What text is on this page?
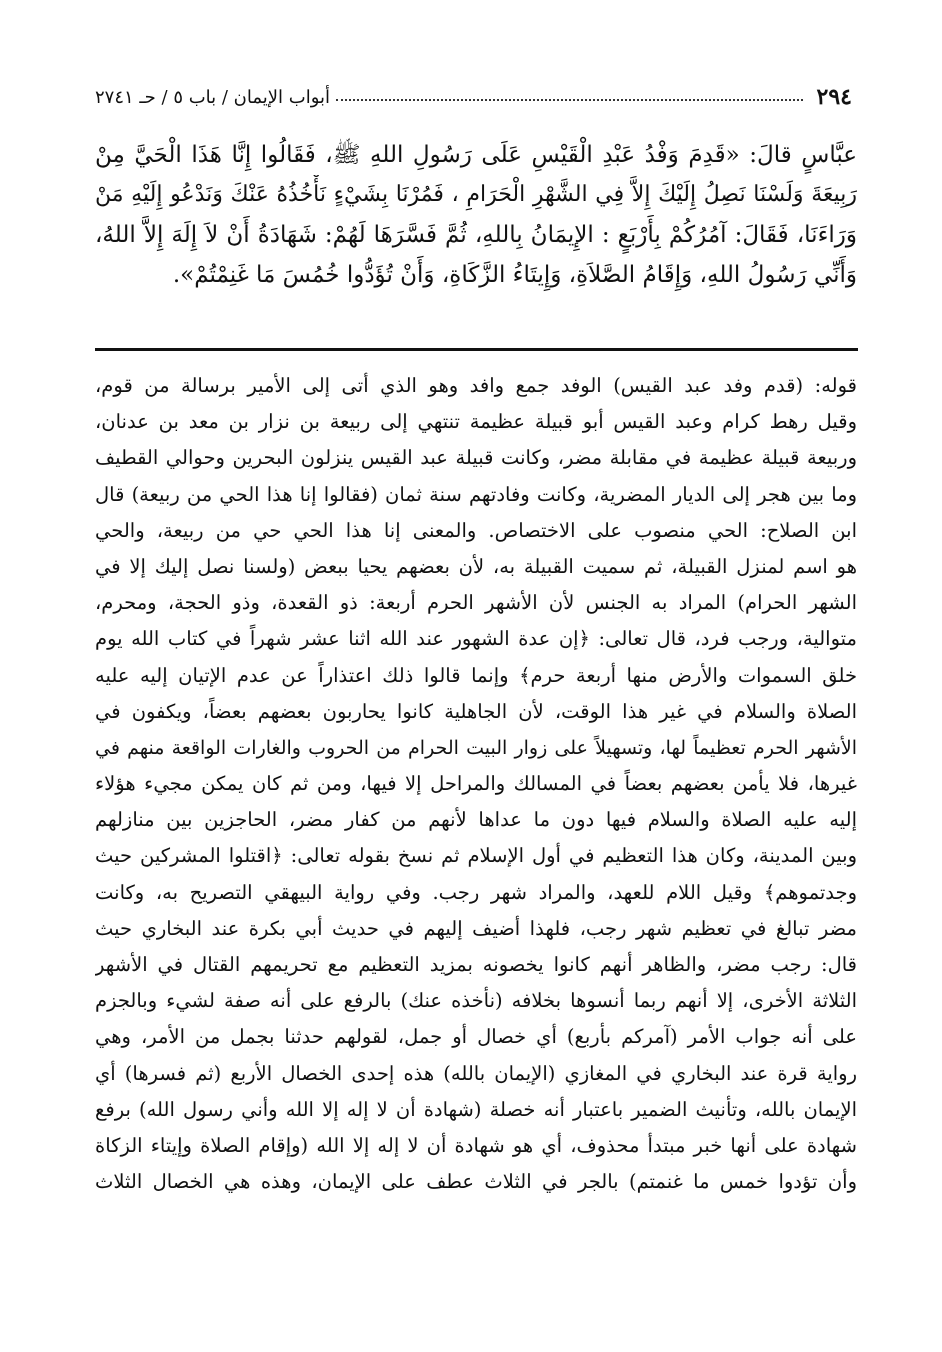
٢٩٤
أبواب الإيمان / باب ٥ / حـ ٢٧٤١
عبَّاسٍ قالَ: «قَدِمَ وَفْدُ عَبْدِ الْقَيْسِ عَلَى رَسُولِ اللهِ ﷺ، فَقَالُوا إِنَّا هَذَا الْحَيَّ مِنْ
رَبِيعَةَ وَلَسْنَا نَصِلُ إِلَيْكَ إِلاَّ فِي الشَّهْرِ الْحَرَامِ ، فَمُرْنَا بِشَيْءٍ نَأْخُذُهُ عَنْكَ وَنَدْعُو إِلَيْهِ مَنْ
وَرَاءَنَا، فَقَالَ: آمُرُكُمْ بِأَرْبَعٍ : الإِيمَانُ بِاللهِ، ثُمَّ فَسَّرَهَا لَهُمْ: شَهَادَةُ أَنْ لاَ إِلَهَ إِلاَّ اللهُ،
وَأَنِّي رَسُولُ اللهِ، وَإِقَامُ الصَّلاَةِ، وَإِيتَاءُ الزَّكَاةِ، وَأَنْ تُؤَدُّوا خُمُسَ مَا غَنِمْتُمْ».
قوله: (قدم وفد عبد القيس) الوفد جمع وافد وهو الذي أتى إلى الأمير برسالة من قوم،
وقيل رهط كرام وعبد القيس أبو قبيلة عظيمة تنتهي إلى ربيعة بن نزار بن معد بن عدنان،
وربيعة قبيلة عظيمة في مقابلة مضر، وكانت قبيلة عبد القيس ينزلون البحرين وحوالي القطيف
وما بين هجر إلى الديار المضرية، وكانت وفادتهم سنة ثمان (فقالوا إنا هذا الحي من ربيعة) قال
ابن الصلاح: الحي منصوب على الاختصاص. والمعنى إنا هذا الحي حي من ربيعة، والحي
هو اسم لمنزل القبيلة، ثم سميت القبيلة به، لأن بعضهم يحيا ببعض (ولسنا نصل إليك إلا في
الشهر الحرام) المراد به الجنس لأن الأشهر الحرم أربعة: ذو القعدة، وذو الحجة، ومحرم،
متوالية، ورجب فرد، قال تعالى: ﴿إن عدة الشهور عند الله اثنا عشر شهراً في كتاب الله يوم
خلق السموات والأرض منها أربعة حرم﴾ وإنما قالوا ذلك اعتذاراً عن عدم الإتيان إليه عليه
الصلاة والسلام في غير هذا الوقت، لأن الجاهلية كانوا يحاربون بعضهم بعضاً، ويكفون في
الأشهر الحرم تعظيماً لها، وتسهيلاً على زوار البيت الحرام من الحروب والغارات الواقعة منهم في
غيرها، فلا يأمن بعضهم بعضاً في المسالك والمراحل إلا فيها، ومن ثم كان يمكن مجيء هؤلاء
إليه عليه الصلاة والسلام فيها دون ما عداها لأنهم من كفار مضر، الحاجزين بين منازلهم
وبين المدينة، وكان هذا التعظيم في أول الإسلام ثم نسخ بقوله تعالى: ﴿اقتلوا المشركين حيث
وجدتموهم﴾ وقيل اللام للعهد، والمراد شهر رجب. وفي رواية البيهقي التصريح به، وكانت
مضر تبالغ في تعظيم شهر رجب، فلهذا أضيف إليهم في حديث أبي بكرة عند البخاري حيث
قال: رجب مضر، والظاهر أنهم كانوا يخصونه بمزيد التعظيم مع تحريمهم القتال في الأشهر
الثلاثة الأخرى، إلا أنهم ربما أنسوها بخلافه (نأخذه عنك) بالرفع على أنه صفة لشيء وبالجزم
على أنه جواب الأمر (آمركم بأربع) أي خصال أو جمل، لقولهم حدثنا بجمل من الأمر، وهي
رواية قرة عند البخاري في المغازي (الإيمان بالله) هذه إحدى الخصال الأربع (ثم فسرها) أي
الإيمان بالله، وتأنيث الضمير باعتبار أنه خصلة (شهادة أن لا إله إلا الله وأني رسول الله) برفع
شهادة على أنها خبر مبتدأ محذوف، أي هو شهادة أن لا إله إلا الله (وإقام الصلاة وإيتاء الزكاة
وأن تؤدوا خمس ما غنمتم) بالجر في الثلاث عطف على الإيمان، وهذه هي الخصال الثلاث
